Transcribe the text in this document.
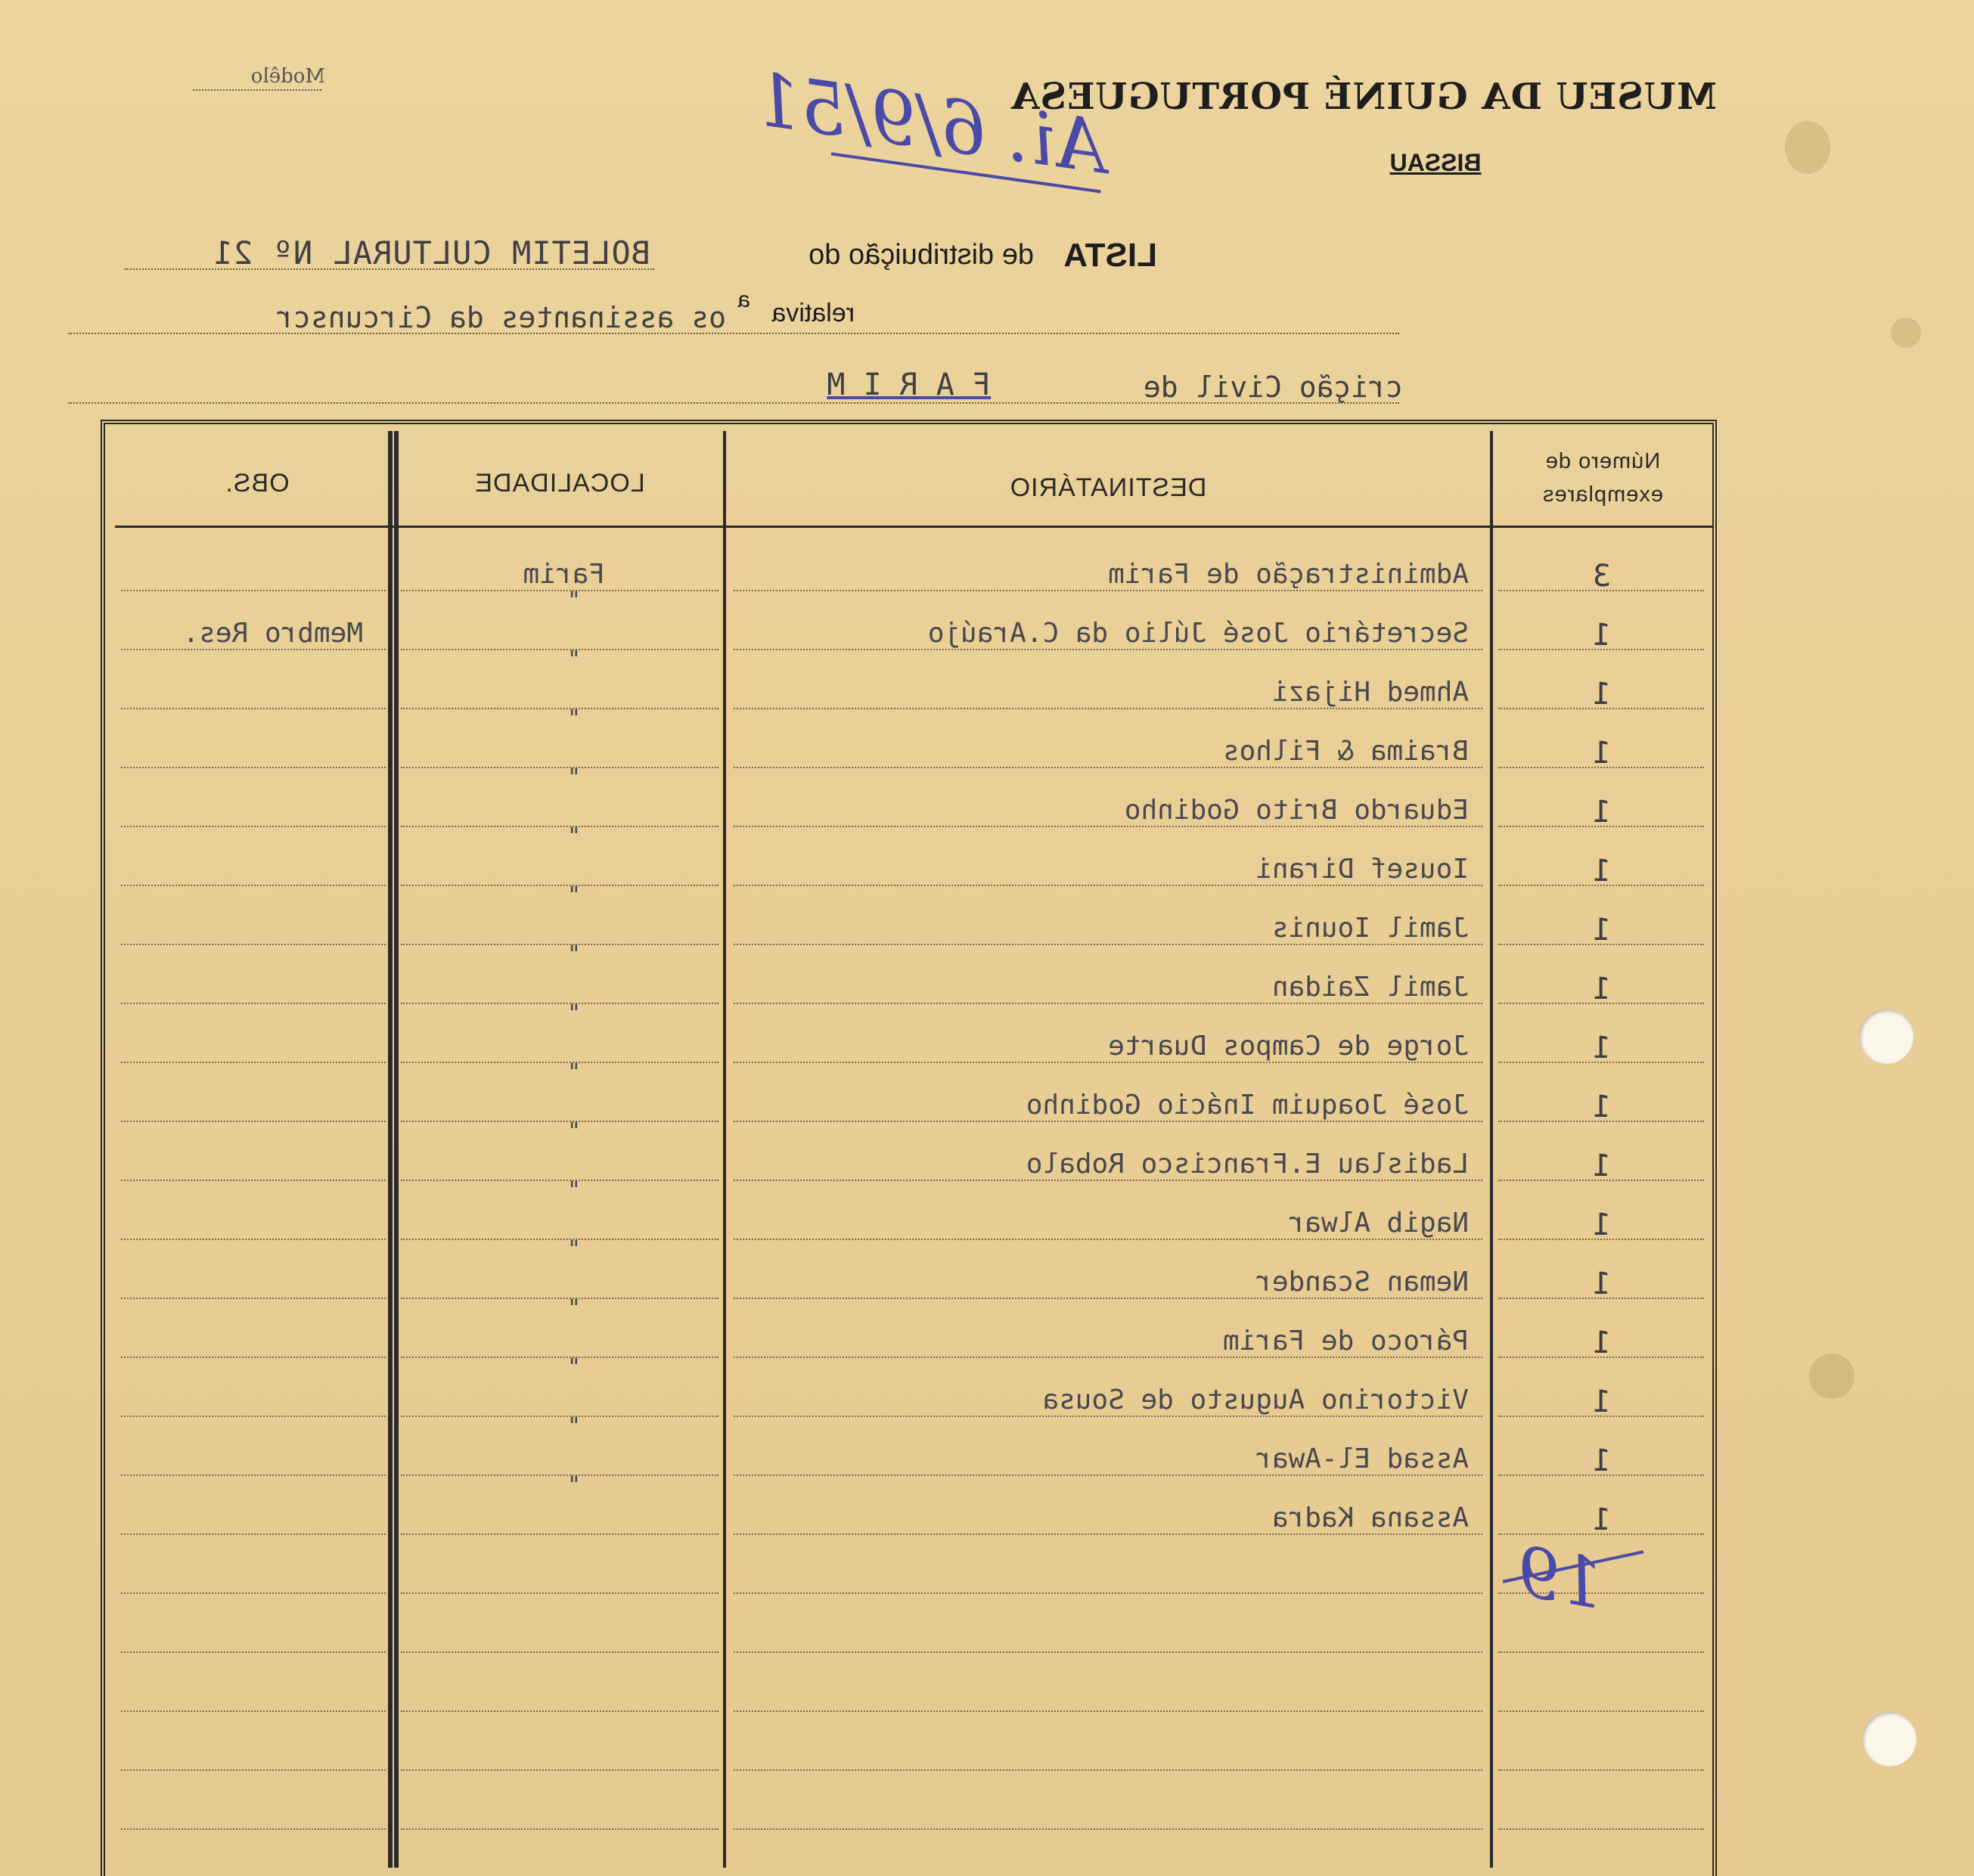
Modêlo	MUSEU DA GUINÉ PORTUGUESA
BISSAU
Ai. 6/9/51
LISTA
de distribuição do
BOLETIM CULTURAL Nº 21
relativa
a
os assinantes da Circunscr
crição Civil de
F A R I M
Número de exemplares
DESTINATÁRIO
LOCALIDADE
OBS.
3
Administração de Farim
Farim
1
Secretário José Júlio da C.Araújo
"
Membro Res.
1
Ahmed Hijazi
"
1
Braima & Filhos
"
1
Eduardo Brito Godinho
"
1
Iousef Dirani
"
1
Jamil Iounis
"
1
Jamil Zaidan
"
1
Jorge de Campos Duarte
"
1
José Joaquim Inácio Godinho
"
1
Ladislau E.Francisco Robalo
"
1
Nagib Alwar
"
1
Neman Scander
"
1
Pároco de Farim
"
1
Victorino Augusto de Sousa
"
1
Assad El-Awar
"
1
Assana Kadra
"
19
